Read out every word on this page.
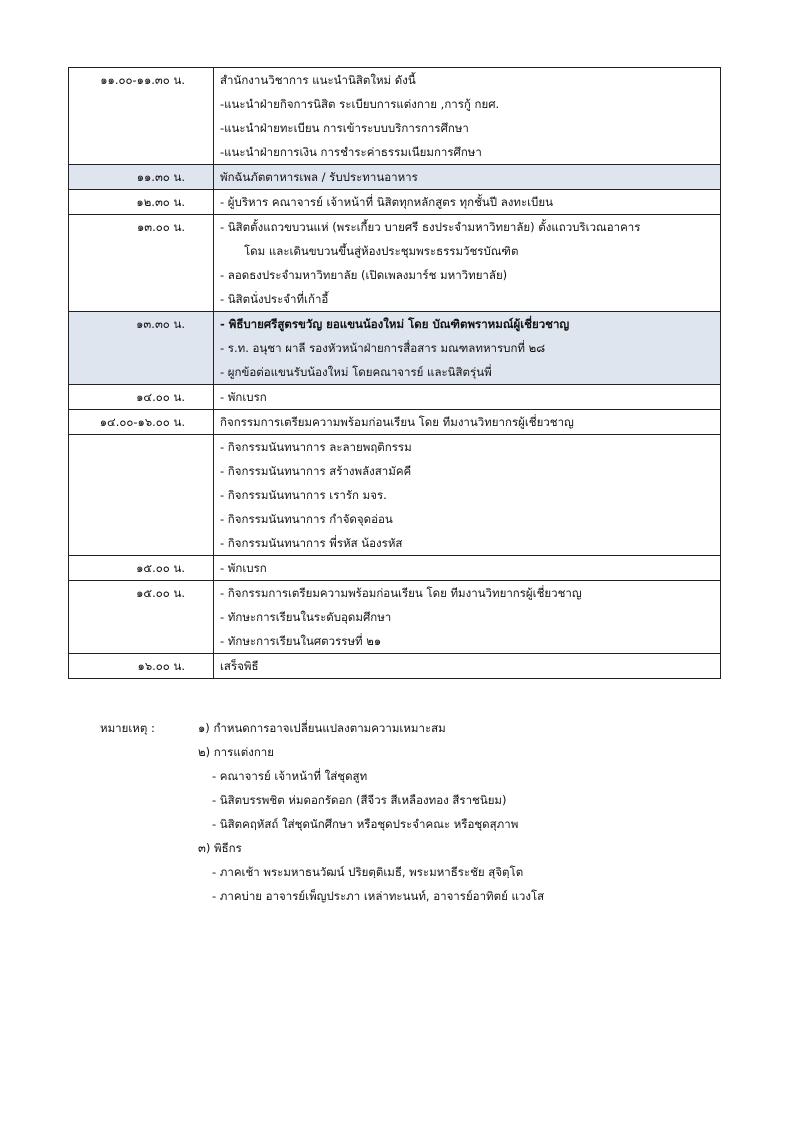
๑๑.๐๐-๑๑.๓๐ น.	สำนักงานวิชาการ แนะนำนิสิตใหม่ ดังนี้
-แนะนำฝ่ายกิจการนิสิต ระเบียบการแต่งกาย ,การกู้ กยศ.
-แนะนำฝ่ายทะเบียน การเข้าระบบบริการการศึกษา
-แนะนำฝ่ายการเงิน การชำระค่าธรรมเนียมการศึกษา

๑๑.๓๐ น.	พักฉันภัตตาหารเพล / รับประทานอาหาร

๑๒.๓๐ น.	- ผู้บริหาร คณาจารย์ เจ้าหน้าที่ นิสิตทุกหลักสูตร ทุกชั้นปี ลงทะเบียน

๑๓.๐๐ น.	- นิสิตตั้งแถวขบวนแห่ (พระเกี้ยว บายศรี ธงประจำมหาวิทยาลัย) ตั้งแถวบริเวณอาคาร
โดม และเดินขบวนขึ้นสู่ห้องประชุมพระธรรมวัชรบัณฑิต
- ลอดธงประจำมหาวิทยาลัย (เปิดเพลงมาร์ช มหาวิทยาลัย)
- นิสิตนั่งประจำที่เก้าอี้

๑๓.๓๐ น.	- พิธีบายศรีสูตรขวัญ ยอแขนน้องใหม่ โดย บัณฑิตพราหมณ์ผู้เชี่ยวชาญ
- ร.ท. อนุชา ผาลี รองหัวหน้าฝ่ายการสื่อสาร มณฑลทหารบกที่ ๒๘
- ผูกข้อต่อแขนรับน้องใหม่ โดยคณาจารย์ และนิสิตรุ่นพี่

๑๔.๐๐ น.	- พักเบรก

๑๔.๐๐-๑๖.๐๐ น.	กิจกรรมการเตรียมความพร้อมก่อนเรียน โดย ทีมงานวิทยากรผู้เชี่ยวชาญ

	- กิจกรรมนันทนาการ ละลายพฤติกรรม
- กิจกรรมนันทนาการ สร้างพลังสามัคคี
- กิจกรรมนันทนาการ เรารัก มจร.
- กิจกรรมนันทนาการ กำจัดจุดอ่อน
- กิจกรรมนันทนาการ พี่รหัส น้องรหัส

๑๕.๐๐ น.	- พักเบรก

๑๕.๐๐ น.	- กิจกรรมการเตรียมความพร้อมก่อนเรียน โดย ทีมงานวิทยากรผู้เชี่ยวชาญ
- ทักษะการเรียนในระดับอุดมศึกษา
- ทักษะการเรียนในศตวรรษที่ ๒๑

๑๖.๐๐ น.	เสร็จพิธี
หมายเหตุ :	๑) กำหนดการอาจเปลี่ยนแปลงตามความเหมาะสม
๒) การแต่งกาย
- คณาจารย์ เจ้าหน้าที่ ใส่ชุดสูท
- นิสิตบรรพชิต ห่มดอกรัดอก (สีจีวร สีเหลืองทอง สีราชนิยม)
- นิสิตคฤหัสถ์ ใส่ชุดนักศึกษา หรือชุดประจำคณะ หรือชุดสุภาพ
๓) พิธีกร
- ภาคเช้า พระมหาธนวัฒน์ ปริยตฺติเมธี, พระมหาธีระชัย สุจิตฺโต
- ภาคบ่าย อาจารย์เพ็ญประภา เหล่าทะนนท์, อาจารย์อาทิตย์ แวงโส
